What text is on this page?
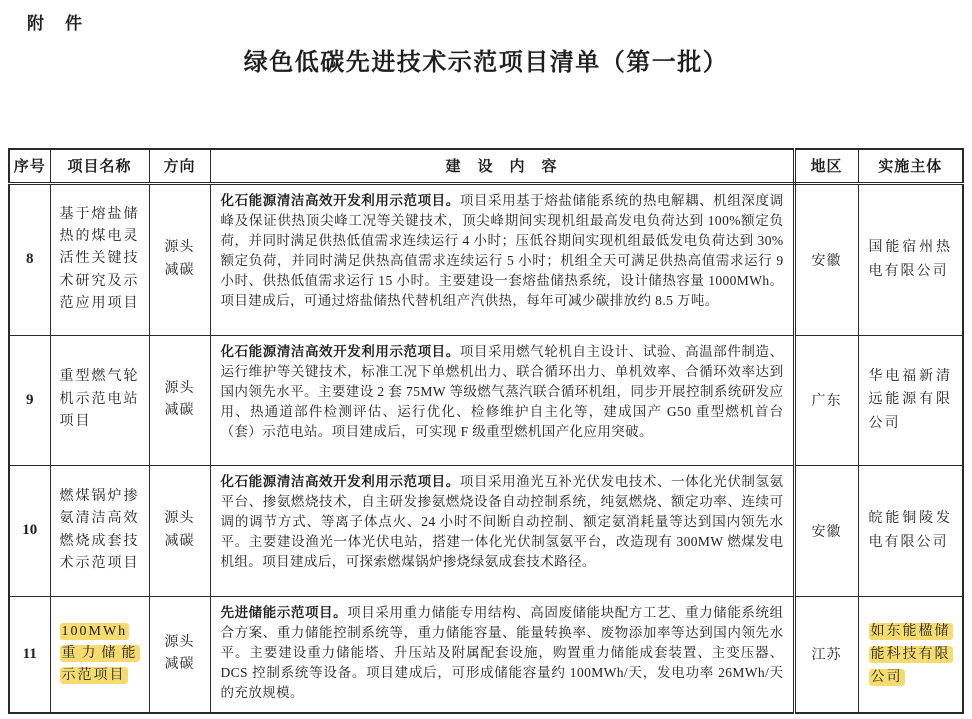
附　件
绿色低碳先进技术示范项目清单（第一批）
序号	项目名称	方向	建　设　内　容	地区	实施主体
8	基于熔盐储热的煤电灵活性关键技术研究及示范应用项目	源头减碳	化石能源清洁高效开发利用示范项目。项目采用基于熔盐储能系统的热电解耦、机组深度调峰及保证供热顶尖峰工况等关键技术，顶尖峰期间实现机组最高发电负荷达到 100%额定负荷，并同时满足供热低值需求连续运行 4 小时；压低谷期间实现机组最低发电负荷达到 30%额定负荷，并同时满足供热高值需求连续运行 5 小时；机组全天可满足供热高值需求运行 9 小时、供热低值需求运行 15 小时。主要建设一套熔盐储热系统，设计储热容量 1000MWh。项目建成后，可通过熔盐储热代替机组产汽供热，每年可减少碳排放约 8.5 万吨。	安徽	国能宿州热电有限公司
9	重型燃气轮机示范电站项目	源头减碳	化石能源清洁高效开发利用示范项目。项目采用燃气轮机自主设计、试验、高温部件制造、运行维护等关键技术，标准工况下单燃机出力、联合循环出力、单机效率、合循环效率达到国内领先水平。主要建设 2 套 75MW 等级燃气蒸汽联合循环机组，同步开展控制系统研发应用、热通道部件检测评估、运行优化、检修维护自主化等，建成国产 G50 重型燃机首台（套）示范电站。项目建成后，可实现 F 级重型燃机国产化应用突破。	广东	华电福新清远能源有限公司
10	燃煤锅炉掺氨清洁高效燃烧成套技术示范项目	源头减碳	化石能源清洁高效开发利用示范项目。项目采用渔光互补光伏发电技术、一体化光伏制氢氨平台、掺氨燃烧技术，自主研发掺氨燃烧设备自动控制系统，纯氨燃烧、额定功率、连续可调的调节方式、等离子体点火、24 小时不间断自动控制、额定氨消耗量等达到国内领先水平。主要建设渔光一体光伏电站，搭建一体化光伏制氢氨平台，改造现有 300MW 燃煤发电机组。项目建成后，可探索燃煤锅炉掺烧绿氨成套技术路径。	安徽	皖能铜陵发电有限公司
11	100MWh 重力储能示范项目	源头减碳	先进储能示范项目。项目采用重力储能专用结构、高固废储能块配方工艺、重力储能系统组合方案、重力储能控制系统等，重力储能容量、能量转换率、废物添加率等达到国内领先水平。主要建设重力储能塔、升压站及附属配套设施，购置重力储能成套装置、主变压器、DCS 控制系统等设备。项目建成后，可形成储能容量约 100MWh/天，发电功率 26MWh/天的充放规模。	江苏	如东能楹储能科技有限公司
